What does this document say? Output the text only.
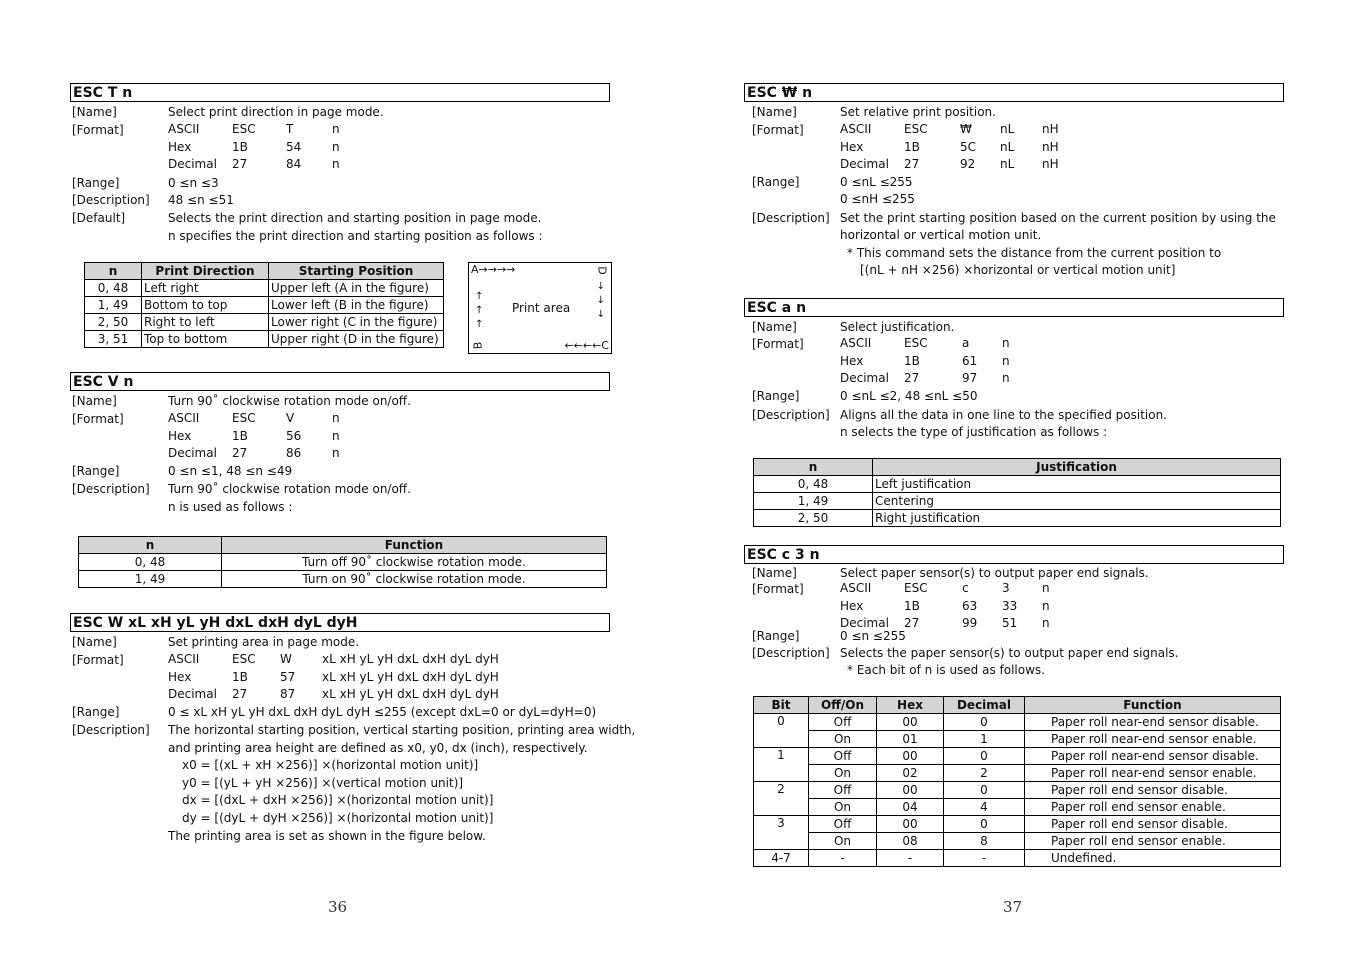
ESC T n
[Name]	Select print direction in page mode.
[Format]	ASCII	ESC	T	n
Hex	1B	54	n
Decimal 27	84	n
[Range]	0 ≤n ≤3
[Description]	48 ≤n ≤51
[Default]	Selects the print direction and starting position in page mode.
n specifies the print direction and starting position as follows :
n	Print Direction	Starting Position
0, 48	Left right	Upper left (A in the figure)
1, 49	Bottom to top	Lower left (B in the figure)
2, 50	Right to left	Lower right (C in the figure)
3, 51	Top to bottom	Upper right (D in the figure)
A→→→→
Print area
←←←←C
B
D
↑
↑
↑
↓
↓
↓
ESC V n
[Name]	Turn 90˚ clockwise rotation mode on/off.
[Format]	ASCII	ESC	V	n
Hex	1B	56	n
Decimal 27	86	n
[Range]	0 ≤n ≤1, 48 ≤n ≤49
[Description]	Turn 90˚ clockwise rotation mode on/off.
n is used as follows :
n	Function
0, 48	Turn off 90˚ clockwise rotation mode.
1, 49	Turn on 90˚ clockwise rotation mode.
ESC W xL xH yL yH dxL dxH dyL dyH
[Name]	Set printing area in page mode.
[Format]	ASCII	ESC W	xL xH yL yH dxL dxH dyL dyH
Hex	1B	57 xL xH yL yH dxL dxH dyL dyH
Decimal 27	87 xL xH yL yH dxL dxH dyL dyH
[Range]	0 ≤ xL xH yL yH dxL dxH dyL dyH ≤255 (except dxL=0 or dyL=dyH=0)
[Description]	The horizontal starting position, vertical starting position, printing area width,
and printing area height are defined as x0, y0, dx (inch), respectively.
x0 = [(xL + xH ×256)] ×(horizontal motion unit)]
y0 = [(yL + yH ×256)] ×(vertical motion unit)]
dx = [(dxL + dxH ×256)] ×(horizontal motion unit)]
dy = [(dyL + dyH ×256)] ×(horizontal motion unit)]
The printing area is set as shown in the figure below.
36
ESC ₩ n
[Name]	Set relative print position.
[Format]	ASCII	ESC	₩ nL nH
Hex	1B	5C nL nH
Decimal 27	92 nL nH
[Range]	0 ≤nL ≤255
0 ≤nH ≤255
[Description] Set the print starting position based on the current position by using the
horizontal or vertical motion unit.
* This command sets the distance from the current position to
[(nL + nH ×256) ×horizontal or vertical motion unit]
ESC a n
[Name]	Select justification.
[Format]	ASCII	ESC	a	n
Hex	1B	61 n
Decimal 27	97 n
[Range]	0 ≤nL ≤2, 48 ≤nL ≤50
[Description] Aligns all the data in one line to the specified position.
n selects the type of justification as follows :
n	Justification
0, 48	Left justification
1, 49	Centering
2, 50	Right justification
ESC c 3 n
[Name]	Select paper sensor(s) to output paper end signals.
[Format]	ASCII	ESC	c	3	n
Hex	1B	63 33 n
Decimal 27	99 51 n
[Range]	0 ≤n ≤255
[Description] Selects the paper sensor(s) to output paper end signals.
* Each bit of n is used as follows.
Bit	Off/On	Hex	Decimal	Function
0	Off	00	0	Paper roll near-end sensor disable.
	On	01	1	Paper roll near-end sensor enable.
1	Off	00	0	Paper roll near-end sensor disable.
	On	02	2	Paper roll near-end sensor enable.
2	Off	00	0	Paper roll end sensor disable.
	On	04	4	Paper roll end sensor enable.
3	Off	00	0	Paper roll end sensor disable.
	On	08	8	Paper roll end sensor enable.
4-7	-	-	-	Undefined.
37
